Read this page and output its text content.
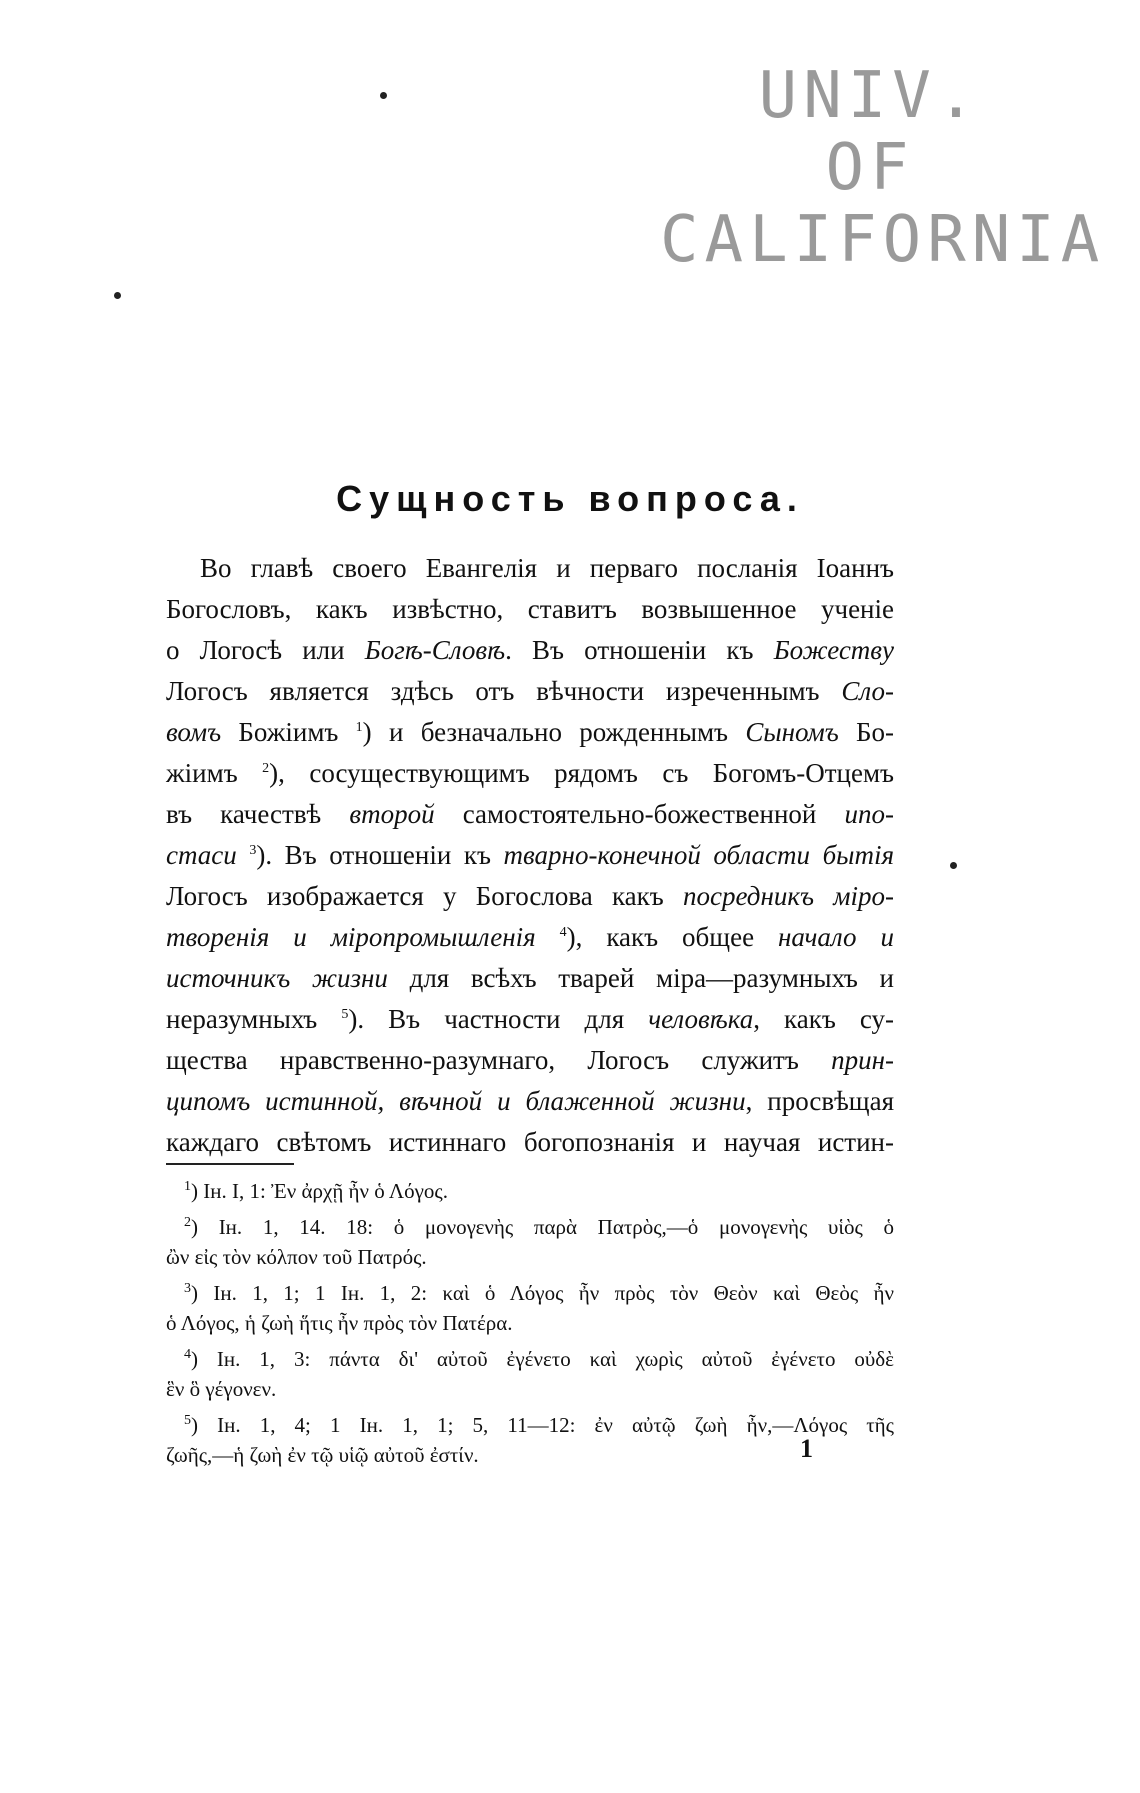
UNIV. OF
CALIFORNIA
Сущность вопроса.
Во главѣ своего Евангелія и перваго посланія Іоаннъ
Богословъ, какъ извѣстно, ставитъ возвышенное ученіе
о Логосѣ или Богѣ-Словѣ. Въ отношеніи къ Божеству
Логосъ является здѣсь отъ вѣчности изреченнымъ Сло-
вомъ Божіимъ $^1$) и безначально рожденнымъ Сыномъ Бо-
жіимъ $^2$), сосуществующимъ рядомъ съ Богомъ-Отцемъ
въ качествѣ второй самостоятельно-божественной ипо-
стаси $^3$). Въ отношеніи къ тварно-конечной области бытія
Логосъ изображается у Богослова какъ посредникъ міро-
творенія и міропромышленія $^4$), какъ общее начало и
источникъ жизни для всѣхъ тварей міра—разумныхъ и
неразумныхъ $^5$). Въ частности для человѣка, какъ су-
щества нравственно-разумнаго, Логосъ служитъ прин-
ципомъ истинной, вѣчной и блаженной жизни, просвѣщая
каждаго свѣтомъ истиннаго богопознанія и научая истин-
$^1$) Ін. I, 1: Ἐν ἀρχῇ ἦν ὁ Λόγος.
$^2$) Ін. 1, 14. 18: ὁ μονογενὴς παρὰ Πατρὸς,—ὁ μονογενὴς υἱὸς ὁ
ὢν εἰς τὸν κόλπον τοῦ Πατρός.
$^3$) Ін. 1, 1; 1 Ін. 1, 2: καὶ ὁ Λόγος ἦν πρὸς τὸν Θεὸν καὶ Θεὸς ἦν
ὁ Λόγος, ἡ ζωὴ ἥτις ἦν πρὸς τὸν Πατέρα.
$^4$) Ін. 1, 3: πάντα δι' αὐτοῦ ἐγένετο καὶ χωρὶς αὐτοῦ ἐγένετο οὐδὲ
ἓν ὃ γέγονεν.
$^5$) Ін. 1, 4; 1 Ін. 1, 1; 5, 11—12: ἐν αὐτῷ ζωὴ ἦν,—Λόγος τῆς
ζωῆς,—ἡ ζωὴ ἐν τῷ υἱῷ αὐτοῦ ἐστίν.	1
